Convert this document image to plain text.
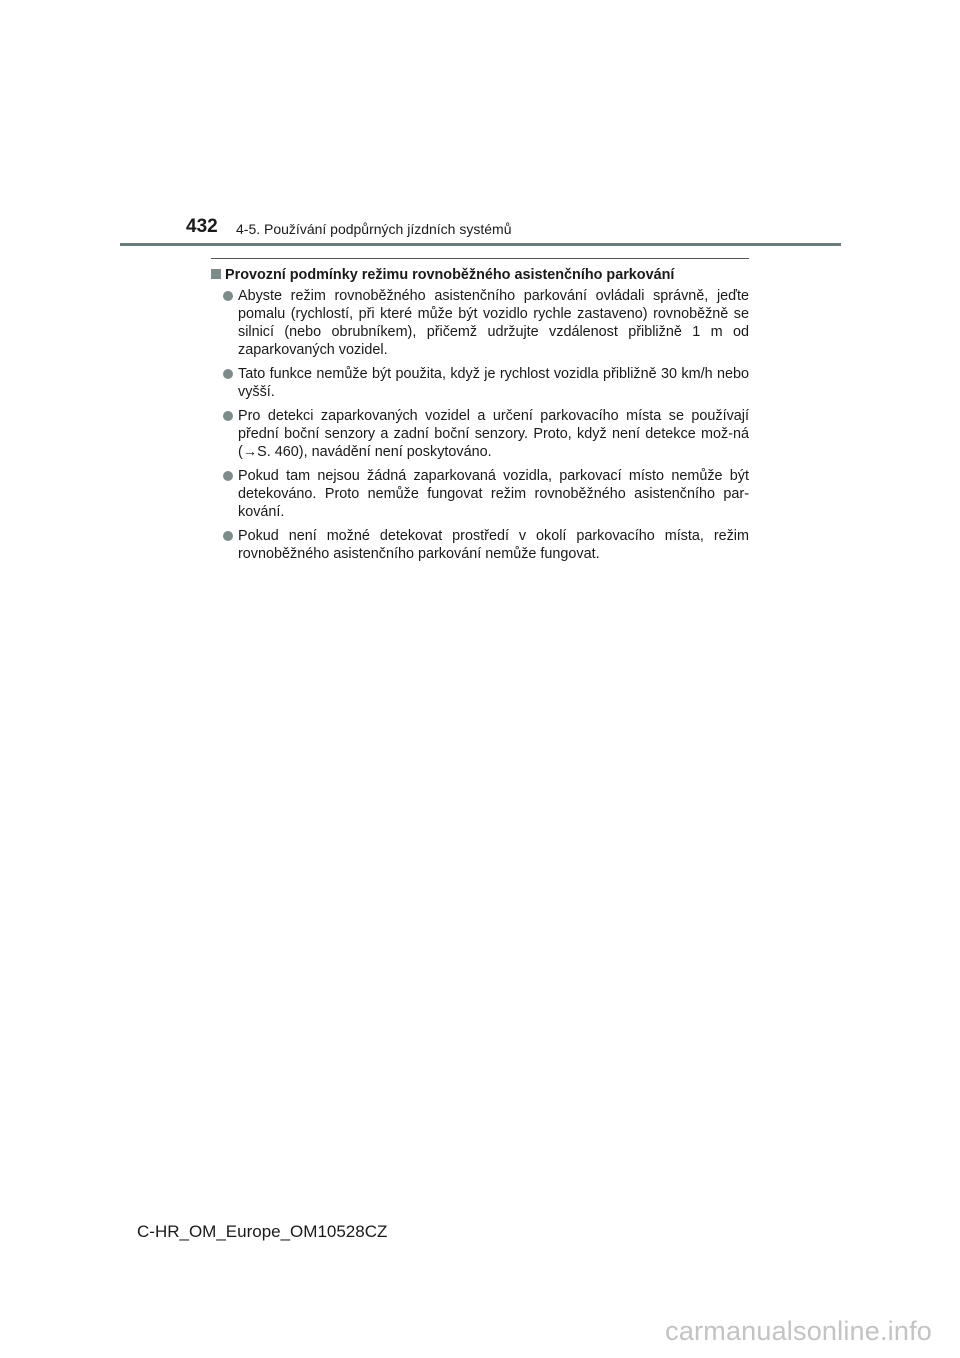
432 4-5. Používání podpůrných jízdních systémů
Provozní podmínky režimu rovnoběžného asistenčního parkování
Abyste režim rovnoběžného asistenčního parkování ovládali správně, jeďte pomalu (rychlostí, při které může být vozidlo rychle zastaveno) rovnoběžně se silnicí (nebo obrubníkem), přičemž udržujte vzdálenost přibližně 1 m od zaparkovaných vozidel.
Tato funkce nemůže být použita, když je rychlost vozidla přibližně 30 km/h nebo vyšší.
Pro detekci zaparkovaných vozidel a určení parkovacího místa se používají přední boční senzory a zadní boční senzory. Proto, když není detekce mož-ná (→S. 460), navádění není poskytováno.
Pokud tam nejsou žádná zaparkovaná vozidla, parkovací místo nemůže být detekováno. Proto nemůže fungovat režim rovnoběžného asistenčního par-kování.
Pokud není možné detekovat prostředí v okolí parkovacího místa, režim rovnoběžného asistenčního parkování nemůže fungovat.
C-HR_OM_Europe_OM10528CZ
carmanualsonline.info
